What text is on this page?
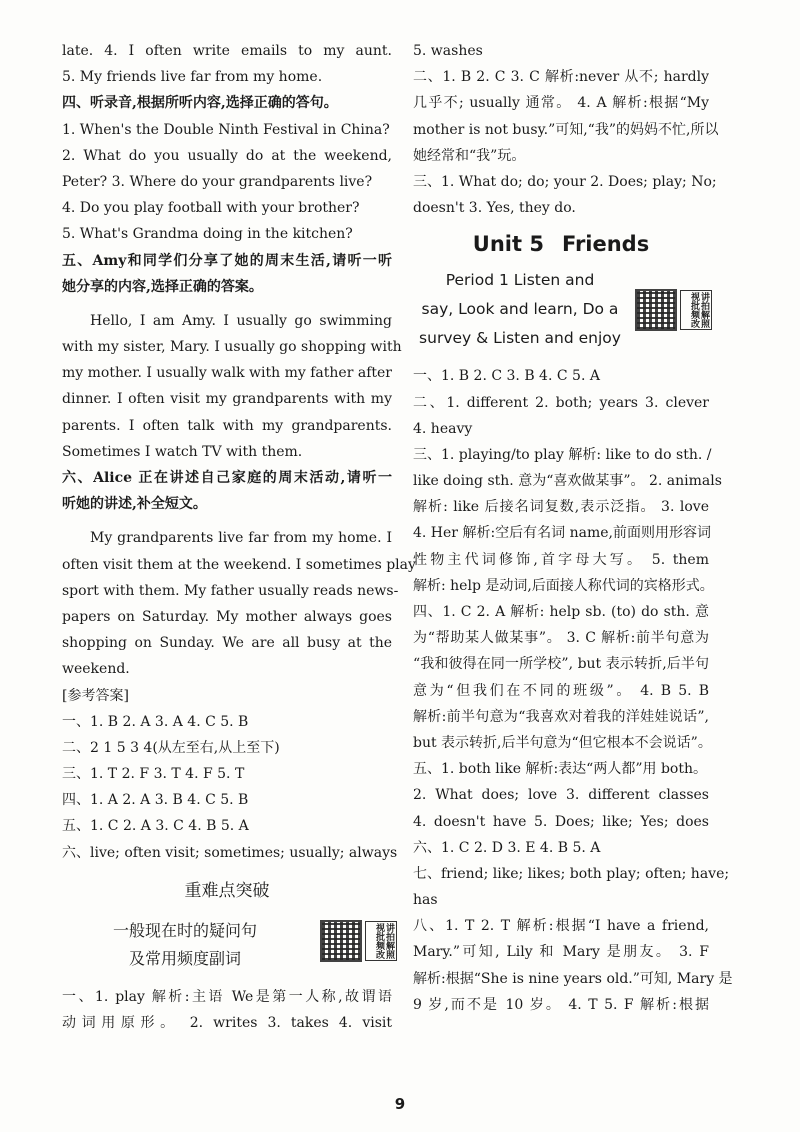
late. 4. I often write emails to my aunt.
5. My friends live far from my home.
四、听录音,根据所听内容,选择正确的答句。
1. When's the Double Ninth Festival in China?
2. What do you usually do at the weekend,
Peter? 3. Where do your grandparents live?
4. Do you play football with your brother?
5. What's Grandma doing in the kitchen?
五、Amy和同学们分享了她的周末生活,请听一听
她分享的内容,选择正确的答案。
Hello, I am Amy. I usually go swimming
with my sister, Mary. I usually go shopping with
my mother. I usually walk with my father after
dinner. I often visit my grandparents with my
parents. I often talk with my grandparents.
Sometimes I watch TV with them.
六、Alice 正在讲述自己家庭的周末活动,请听一
听她的讲述,补全短文。
My grandparents live far from my home. I
often visit them at the weekend. I sometimes play
sport with them. My father usually reads news-
papers on Saturday. My mother always goes
shopping on Sunday. We are all busy at the
weekend.
[参考答案]
一、1. B 2. A 3. A 4. C 5. B
二、2 1 5 3 4(从左至右,从上至下)
三、1. T 2. F 3. T 4. F 5. T
四、1. A 2. A 3. B 4. C 5. B
五、1. C 2. A 3. C 4. B 5. A
六、live; often visit; sometimes; usually; always
重难点突破
一般现在时的疑问句
及常用频度副词	讲拍解照视批频改
一、1. play 解析:主语 We是第一人称,故谓语
动词用原形。 2. writes 3. takes 4. visit
5. washes
二、1. B 2. C 3. C 解析:never 从不; hardly
几乎不; usually 通常。 4. A 解析:根据“My
mother is not busy.”可知,“我”的妈妈不忙,所以
她经常和“我”玩。
三、1. What do; do; your 2. Does; play; No;
doesn't 3. Yes, they do.
Unit 5 Friends
Period 1 Listen and
say, Look and learn, Do a
survey & Listen and enjoy
讲拍解照视批频改
一、1. B 2. C 3. B 4. C 5. A
二、1. different 2. both; years 3. clever
4. heavy
三、1. playing/to play 解析: like to do sth. /
like doing sth. 意为“喜欢做某事”。 2. animals
解析: like 后接名词复数,表示泛指。 3. love
4. Her 解析:空后有名词 name,前面则用形容词
性物主代词修饰,首字母大写。 5. them
解析: help 是动词,后面接人称代词的宾格形式。
四、1. C 2. A 解析: help sb. (to) do sth. 意
为“帮助某人做某事”。 3. C 解析:前半句意为
“我和彼得在同一所学校”, but 表示转折,后半句
意为“但我们在不同的班级”。 4. B 5. B
解析:前半句意为“我喜欢对着我的洋娃娃说话”,
but 表示转折,后半句意为“但它根本不会说话”。
五、1. both like 解析:表达“两人都”用 both。
2. What does; love 3. different classes
4. doesn't have 5. Does; like; Yes; does
六、1. C 2. D 3. E 4. B 5. A
七、friend; like; likes; both play; often; have;
has
八、1. T 2. T 解析:根据“I have a friend,
Mary.”可知, Lily 和 Mary 是朋友。 3. F
解析:根据“She is nine years old.”可知, Mary 是
9 岁,而不是 10 岁。 4. T 5. F 解析:根据
9
